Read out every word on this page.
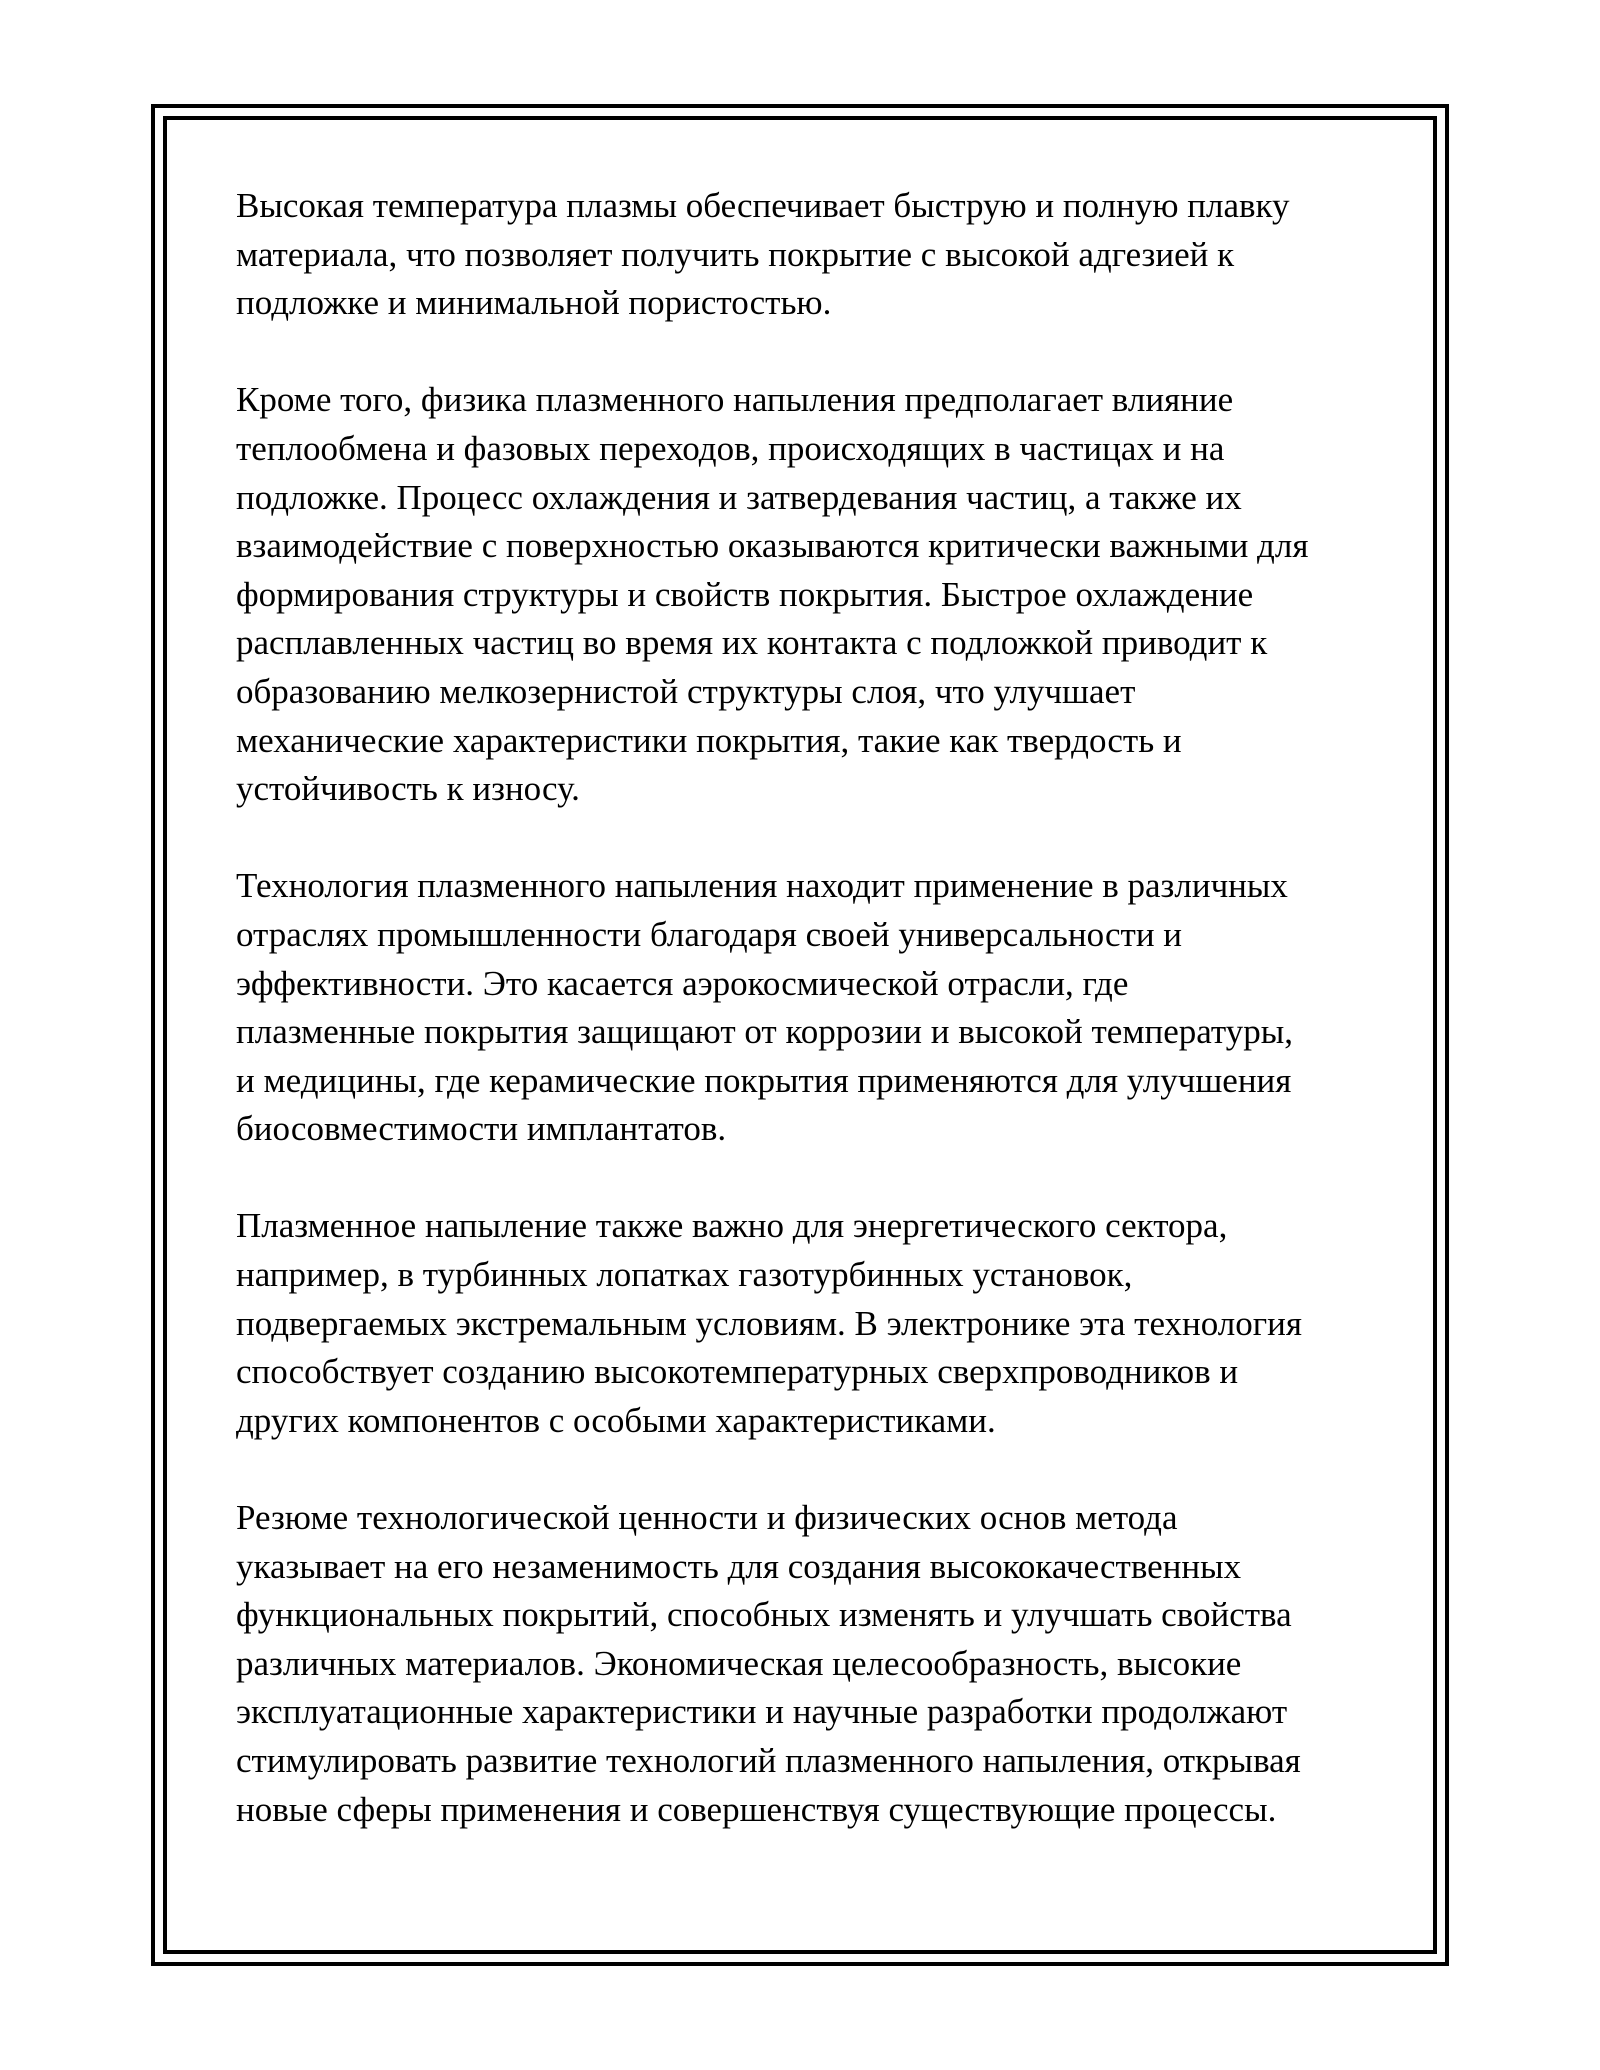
Высокая температура плазмы обеспечивает быструю и полную плавку
материала, что позволяет получить покрытие с высокой адгезией к
подложке и минимальной пористостью.

Кроме того, физика плазменного напыления предполагает влияние
теплообмена и фазовых переходов, происходящих в частицах и на
подложке. Процесс охлаждения и затвердевания частиц, а также их
взаимодействие с поверхностью оказываются критически важными для
формирования структуры и свойств покрытия. Быстрое охлаждение
расплавленных частиц во время их контакта с подложкой приводит к
образованию мелкозернистой структуры слоя, что улучшает
механические характеристики покрытия, такие как твердость и
устойчивость к износу.

Технология плазменного напыления находит применение в различных
отраслях промышленности благодаря своей универсальности и
эффективности. Это касается аэрокосмической отрасли, где
плазменные покрытия защищают от коррозии и высокой температуры,
и медицины, где керамические покрытия применяются для улучшения
биосовместимости имплантатов.

Плазменное напыление также важно для энергетического сектора,
например, в турбинных лопатках газотурбинных установок,
подвергаемых экстремальным условиям. В электронике эта технология
способствует созданию высокотемпературных сверхпроводников и
других компонентов с особыми характеристиками.

Резюме технологической ценности и физических основ метода
указывает на его незаменимость для создания высококачественных
функциональных покрытий, способных изменять и улучшать свойства
различных материалов. Экономическая целесообразность, высокие
эксплуатационные характеристики и научные разработки продолжают
стимулировать развитие технологий плазменного напыления, открывая
новые сферы применения и совершенствуя существующие процессы.
